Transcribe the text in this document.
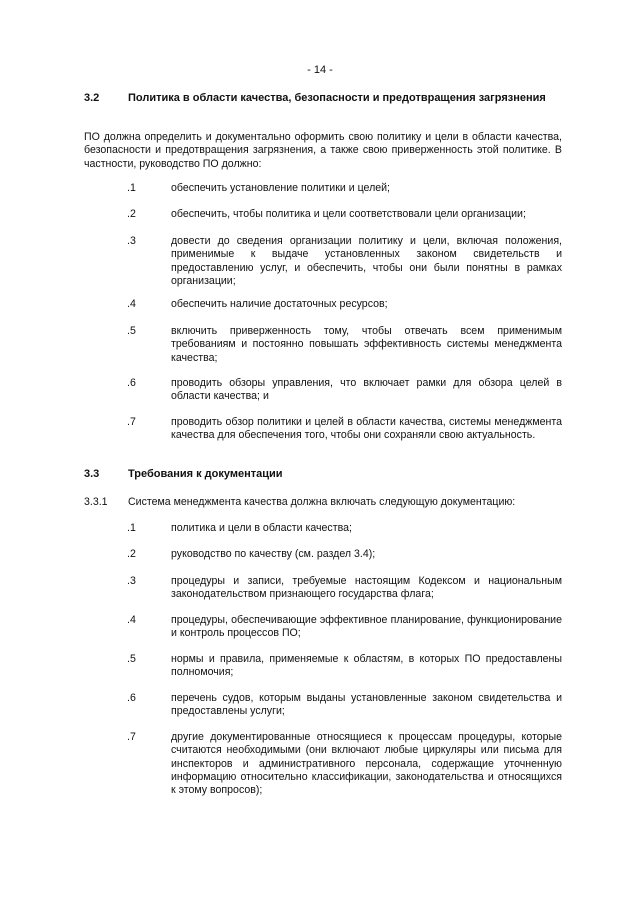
- 14 -
3.2	Политика в области качества, безопасности и предотвращения загрязнения
ПО должна определить и документально оформить свою политику и цели в области качества, безопасности и предотвращения загрязнения, а также свою приверженность этой политике. В частности, руководство ПО должно:
.1	обеспечить установление политики и целей;
.2	обеспечить, чтобы политика и цели соответствовали цели организации;
.3	довести до сведения организации политику и цели, включая положения, применимые к выдаче установленных законом свидетельств и предоставлению услуг, и обеспечить, чтобы они были понятны в рамках организации;
.4	обеспечить наличие достаточных ресурсов;
.5	включить приверженность тому, чтобы отвечать всем применимым требованиям и постоянно повышать эффективность системы менеджмента качества;
.6	проводить обзоры управления, что включает рамки для обзора целей в области качества; и
.7	проводить обзор политики и целей в области качества, системы менеджмента качества для обеспечения того, чтобы они сохраняли свою актуальность.
3.3	Требования к документации
3.3.1 Система менеджмента качества должна включать следующую документацию:
.1	политика и цели в области качества;
.2	руководство по качеству (см. раздел 3.4);
.3	процедуры и записи, требуемые настоящим Кодексом и национальным законодательством признающего государства флага;
.4	процедуры, обеспечивающие эффективное планирование, функционирование и контроль процессов ПО;
.5	нормы и правила, применяемые к областям, в которых ПО предоставлены полномочия;
.6	перечень судов, которым выданы установленные законом свидетельства и предоставлены услуги;
.7	другие документированные относящиеся к процессам процедуры, которые считаются необходимыми (они включают любые циркуляры или письма для инспекторов и административного персонала, содержащие уточненную информацию относительно классификации, законодательства и относящихся к этому вопросов);
